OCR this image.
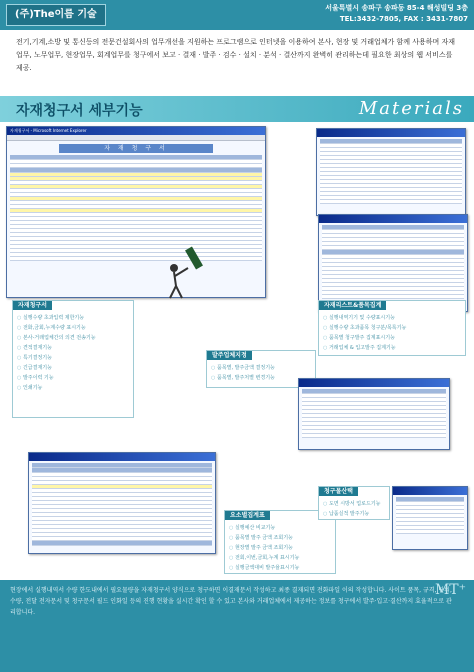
(주)The이름 기술
서울특별시 송파구 송파동 85-4 해성빌딩 3층
TEL:3432-7805, FAX : 3431-7807
전기,기계,소방 및 통신등의 전문건설회사의 업무개선을 지원하는 프로그램으로 인터넷을 이용하여 본사, 현장 및 거래업체가 함께 사용하며 자재업무, 노무업무, 현장업무, 회계업무를 청구에서 보고 · 결재 · 발주 · 검수 · 설치 · 분석 · 결산까지 완벽히 관리하는데 필요한 최상의 웹 서비스를 제공.
자재청구서 세부기능	Materials
자재청구서 - Microsoft Internet Explorer
자 재 청 구 서
자재청구서
○ 실행수량 초과입력 제한기능
○ 전화,금회,누계수량 표시기능
○ 본사-거래업체간의 의견 전송기능
○ 견적결재기능
○ 특기결정기능
○ 긴급결재기능
○ 발주이력 기능
○ 인쇄기능
자재리스트&품목집계
○ 실행내역기기 및 수량표시기능
○ 실행수량 초과품목 청구분/목록기능
○ 품목별 청구발주 집계표시기능
○ 거래업체 & 입고발주 집계기능
발주업체지정
○ 품목별, 발주금액 결정기능
○ 품목별, 발주처별 변경기능
요소별집계표
○ 실행예산 비교기능
○ 품목별 발주 금액 조회기능
○ 현장별 발주 금액 조회기능
○ 전회,이번,금회,누계 표시기능
○ 실행금액대비 발주율표시기능
청구물산택
○ 도면 시방서 업로드기능
○ 납품실적 발주기능
현장에서 실행내역서 수량 한도내에서 필요물량을 자재청구서 양식으로 청구하면 이결재문서 작성하고 최종 결재되면 전화파일 이의 작성합니다. 사이트 품목, 규격, 단위, 수량, 전달 전자문서 및 청구문서 필드 인화일 등의 진행 현황을 실시간 확인 할 수 있고 본사와 거래업체에서 제공하는 정보를 청구에서 발주·입고·결산까지 효율적으로 관리합니다.
MT⁺
